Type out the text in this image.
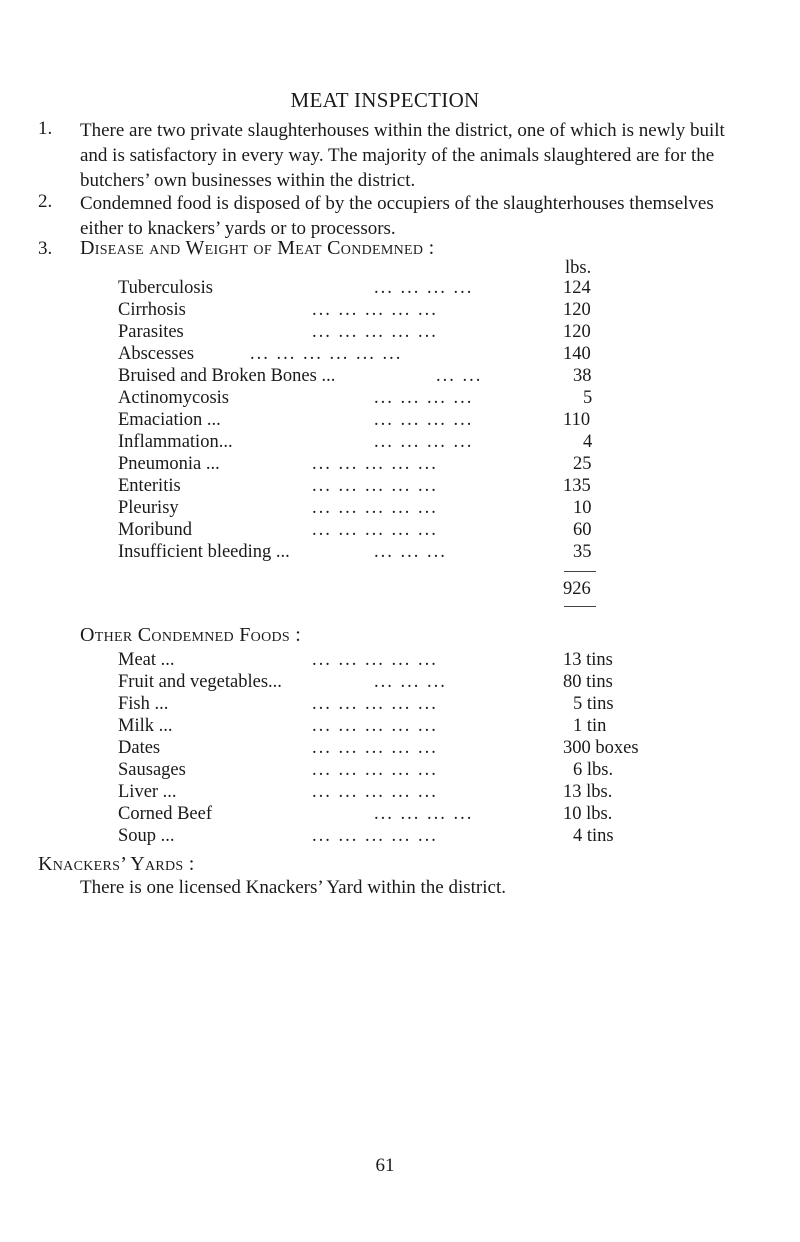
MEAT INSPECTION
1. There are two private slaughterhouses within the district, one of which is newly built and is satisfactory in every way. The majority of the animals slaughtered are for the butchers’ own businesses within the district.
2. Condemned food is disposed of by the occupiers of the slaughterhouses themselves either to knackers’ yards or to processors.
3. Disease and Weight of Meat Condemned :
lbs.
Tuberculosis	... ... ... ...	124
Cirrhosis	... ... ... ... ...	120
Parasites	... ... ... ... ...	120
Abscesses	... ... ... ... ... ...	140
Bruised and Broken Bones ...	... ...	38
Actinomycosis	... ... ... ...	5
Emaciation ...	... ... ... ...	110
Inflammation...	... ... ... ...	4
Pneumonia ...	... ... ... ... ...	25
Enteritis	... ... ... ... ...	135
Pleurisy	... ... ... ... ...	10
Moribund	... ... ... ... ...	60
Insufficient bleeding ...	... ... ...	35
926
Other Condemned Foods :
Meat ...	... ... ... ... ...	13 tins
Fruit and vegetables...	... ... ...	80 tins
Fish ...	... ... ... ... ...	5 tins
Milk ...	... ... ... ... ...	1 tin
Dates	... ... ... ... ...	300 boxes
Sausages	... ... ... ... ...	6 lbs.
Liver ...	... ... ... ... ...	13 lbs.
Corned Beef	... ... ... ...	10 lbs.
Soup ...	... ... ... ... ...	4 tins
Knackers’ Yards :
There is one licensed Knackers’ Yard within the district.
61
